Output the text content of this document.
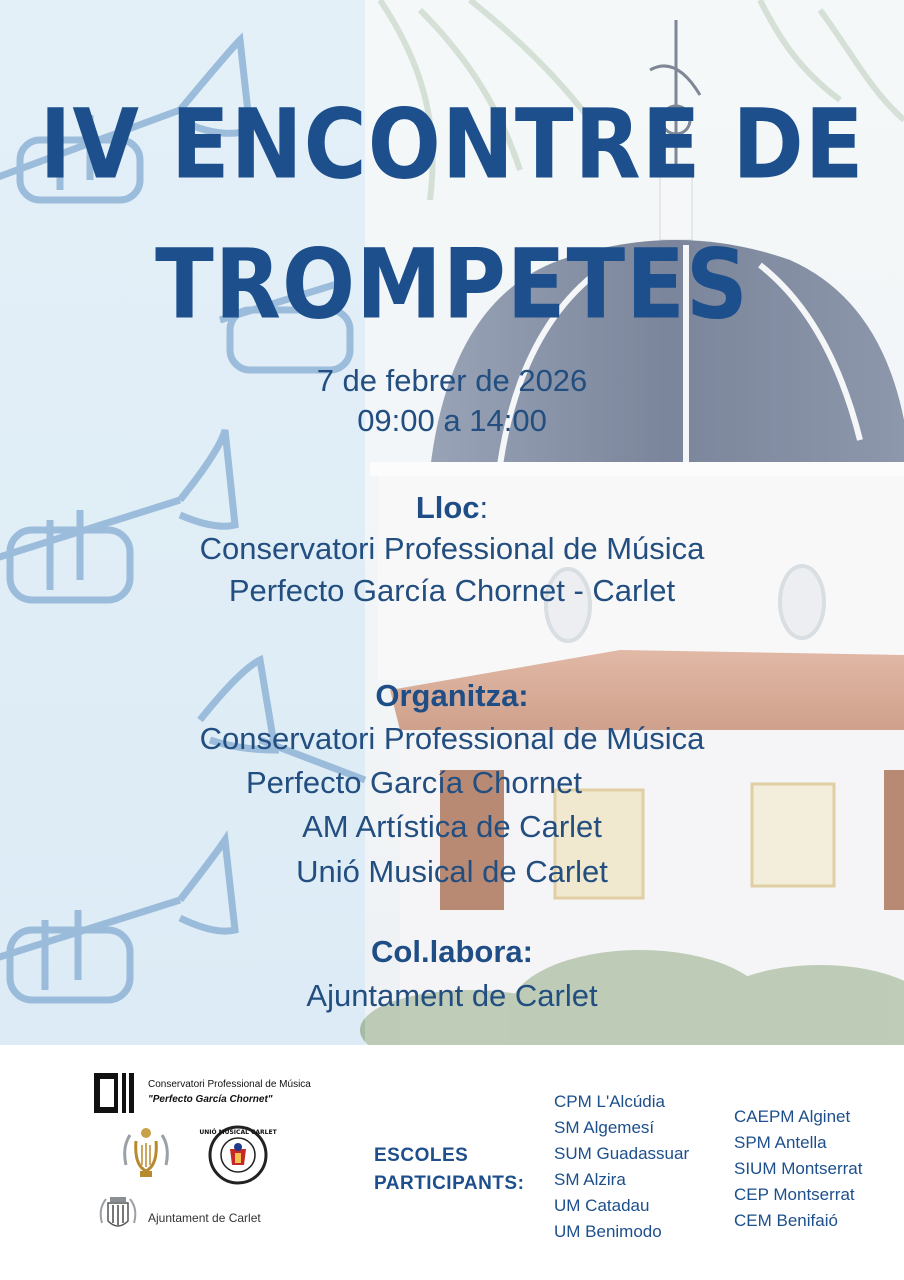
IV ENCONTRE DE
TROMPETES
7 de febrer de 2026
09:00 a 14:00
Lloc:
Conservatori Professional de Música
Perfecto García Chornet - Carlet
Organitza:
Conservatori Professional de Música
Perfecto García Chornet
AM Artística de Carlet
Unió Musical de Carlet
Col.labora:
Ajuntament de Carlet
Conservatori Professional de Música
"Perfecto García Chornet"
UNIÓ MUSICAL CARLET
Ajuntament de Carlet
ESCOLES
PARTICIPANTS:
CPM L'Alcúdia
SM Algemesí
SUM Guadassuar
SM Alzira
UM Catadau
UM Benimodo
CAEPM Alginet
SPM Antella
SIUM Montserrat
CEP Montserrat
CEM Benifaió
